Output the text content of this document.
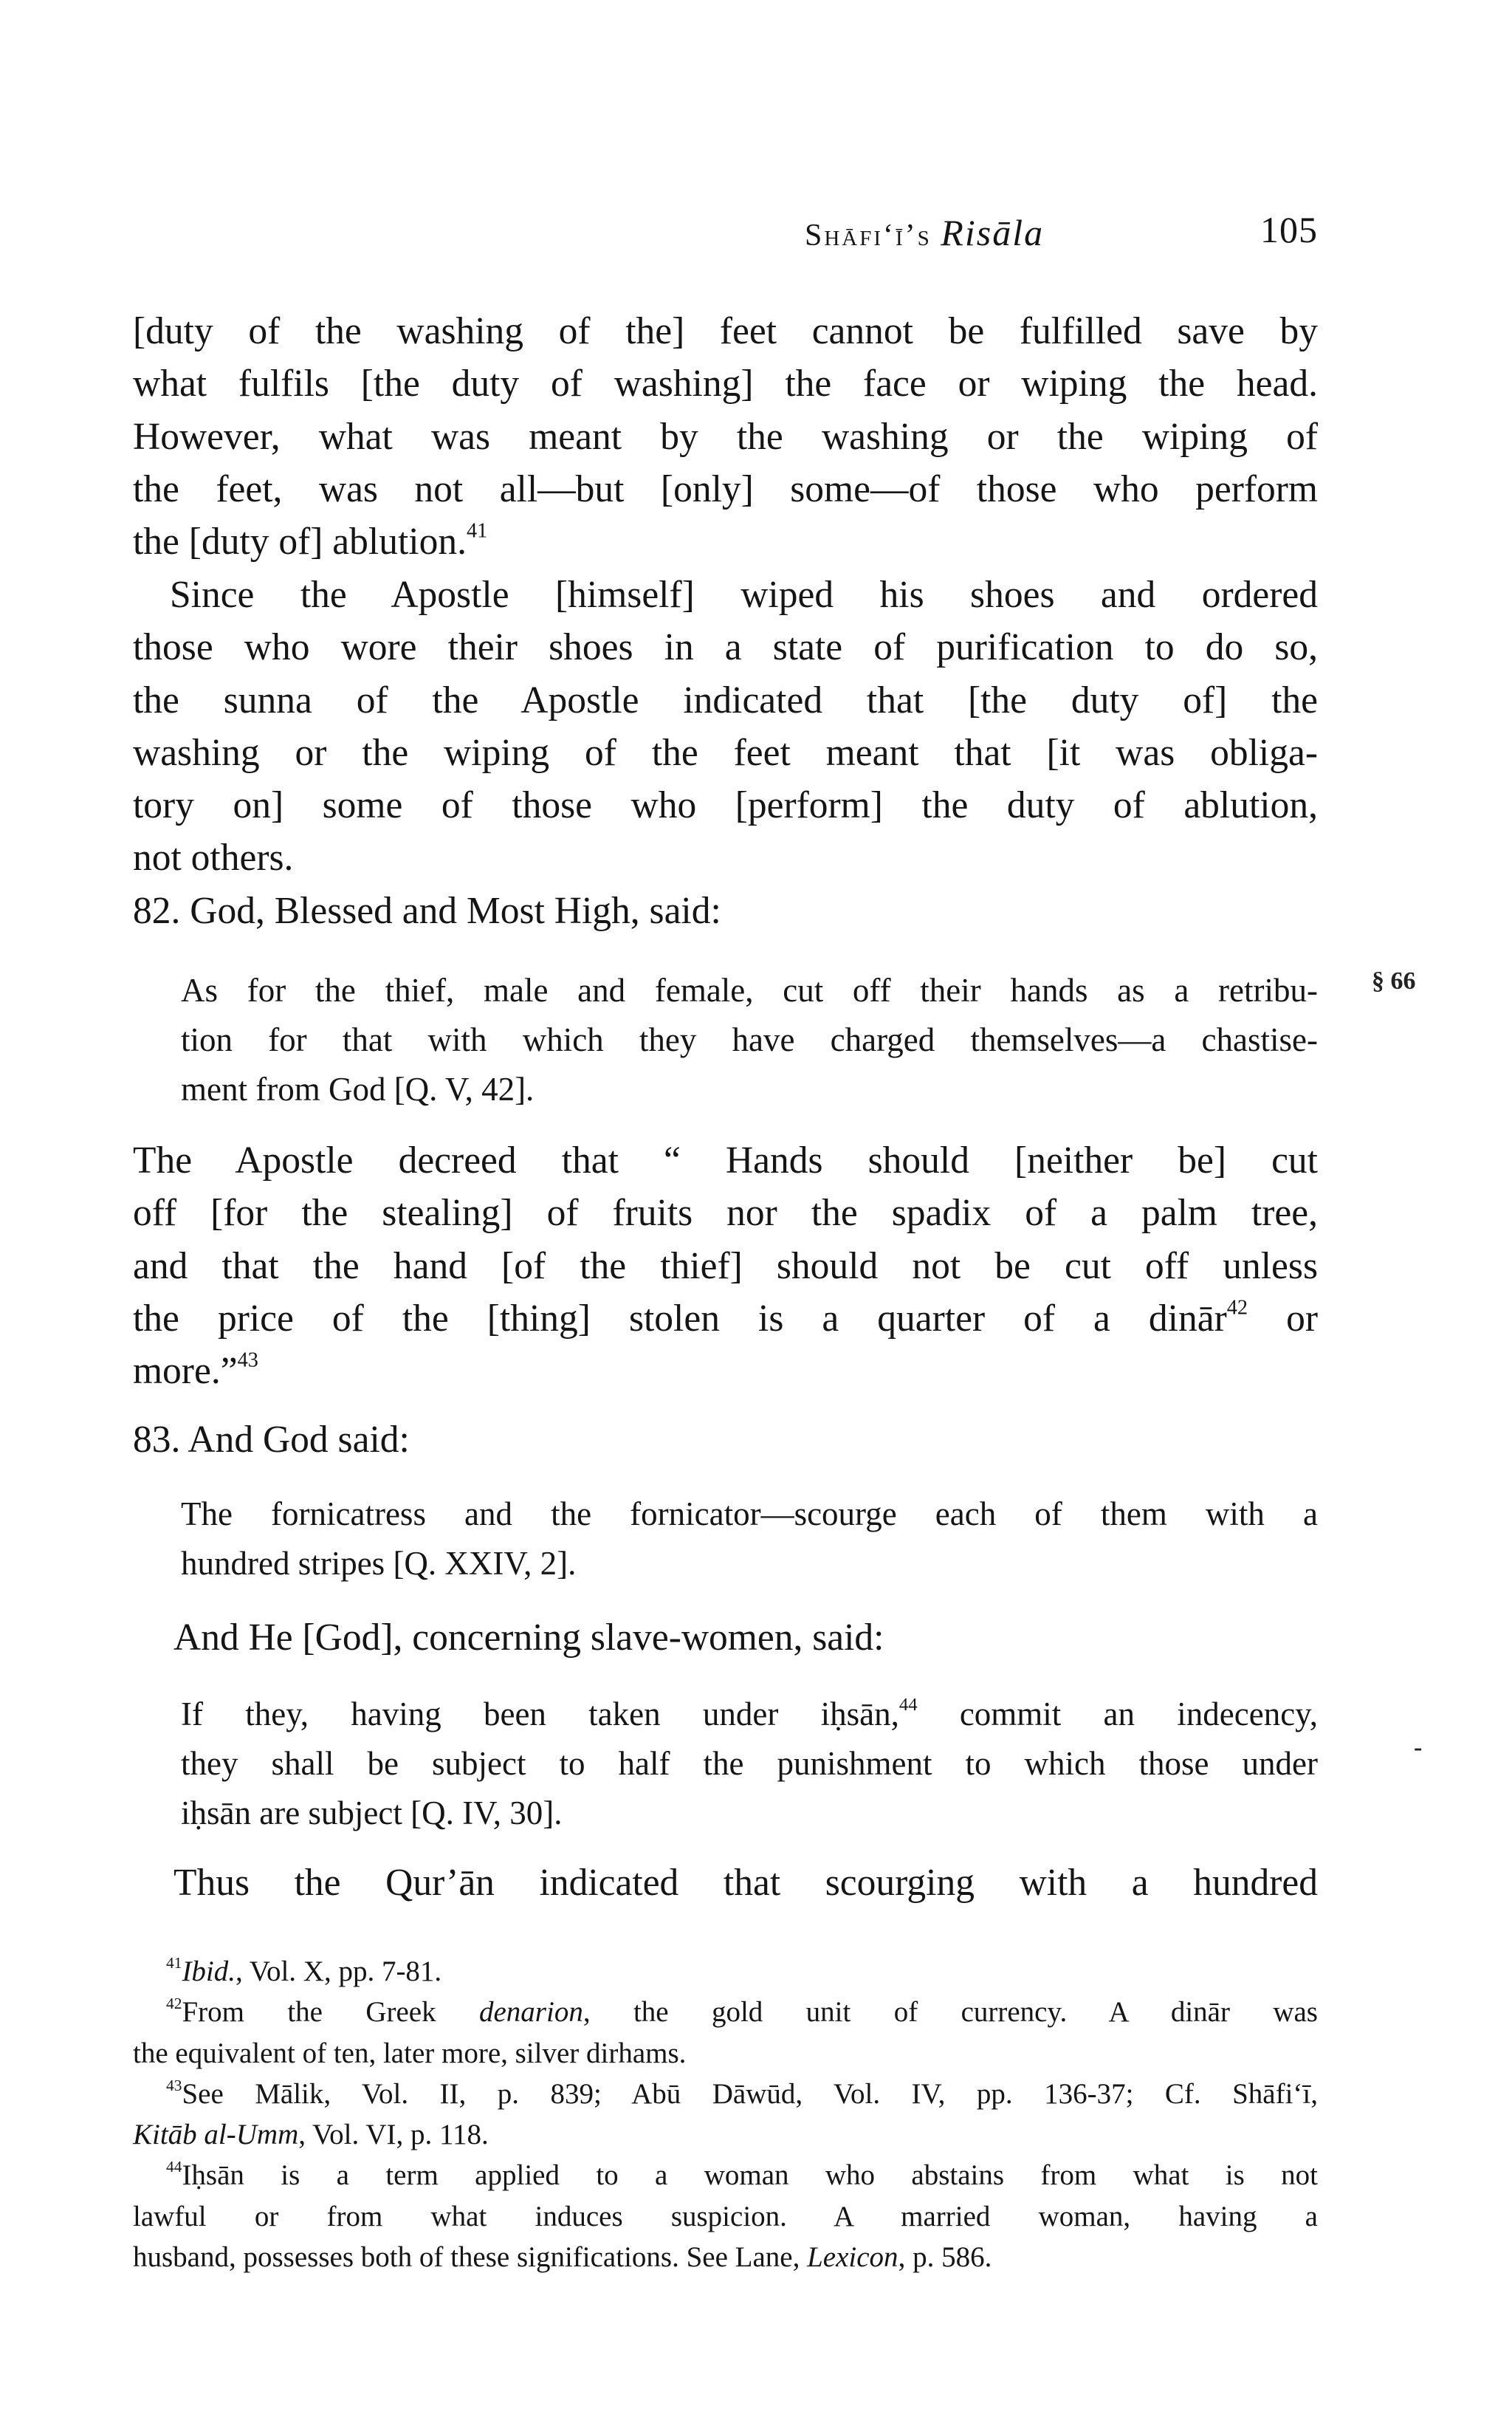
Shāfi‘ī’s Risāla	105
[duty of the washing of the] feet cannot be fulfilled save by
what fulfils [the duty of washing] the face or wiping the head.
However, what was meant by the washing or the wiping of
the feet, was not all—but [only] some—of those who perform
the [duty of] ablution.$^{41}$
Since the Apostle [himself] wiped his shoes and ordered
those who wore their shoes in a state of purification to do so,
the sunna of the Apostle indicated that [the duty of] the
washing or the wiping of the feet meant that [it was obliga-
tory on] some of those who [perform] the duty of ablution,
not others.
82. God, Blessed and Most High, said:
As for the thief, male and female, cut off their hands as a retribu-
tion for that with which they have charged themselves—a chastise-
ment from God [Q. V, 42].
§ 66
The Apostle decreed that “ Hands should [neither be] cut
off [for the stealing] of fruits nor the spadix of a palm tree,
and that the hand [of the thief] should not be cut off unless
the price of the [thing] stolen is a quarter of a dinār$^{42}$ or
more.”$^{43}$
83. And God said:
The fornicatress and the fornicator—scourge each of them with a
hundred stripes [Q. XXIV, 2].
And He [God], concerning slave-women, said:
If they, having been taken under iḥsān,$^{44}$ commit an indecency,
they shall be subject to half the punishment to which those under
iḥsān are subject [Q. IV, 30].
-
Thus the Qur’ān indicated that scourging with a hundred
$^{41}$Ibid., Vol. X, pp. 7-81.
$^{42}$From the Greek denarion, the gold unit of currency. A dinār was
the equivalent of ten, later more, silver dirhams.
$^{43}$See Mālik, Vol. II, p. 839; Abū Dāwūd, Vol. IV, pp. 136-37; Cf. Shāfi‘ī,
Kitāb al-Umm, Vol. VI, p. 118.
$^{44}$Iḥsān is a term applied to a woman who abstains from what is not
lawful or from what induces suspicion. A married woman, having a
husband, possesses both of these significations. See Lane, Lexicon, p. 586.
